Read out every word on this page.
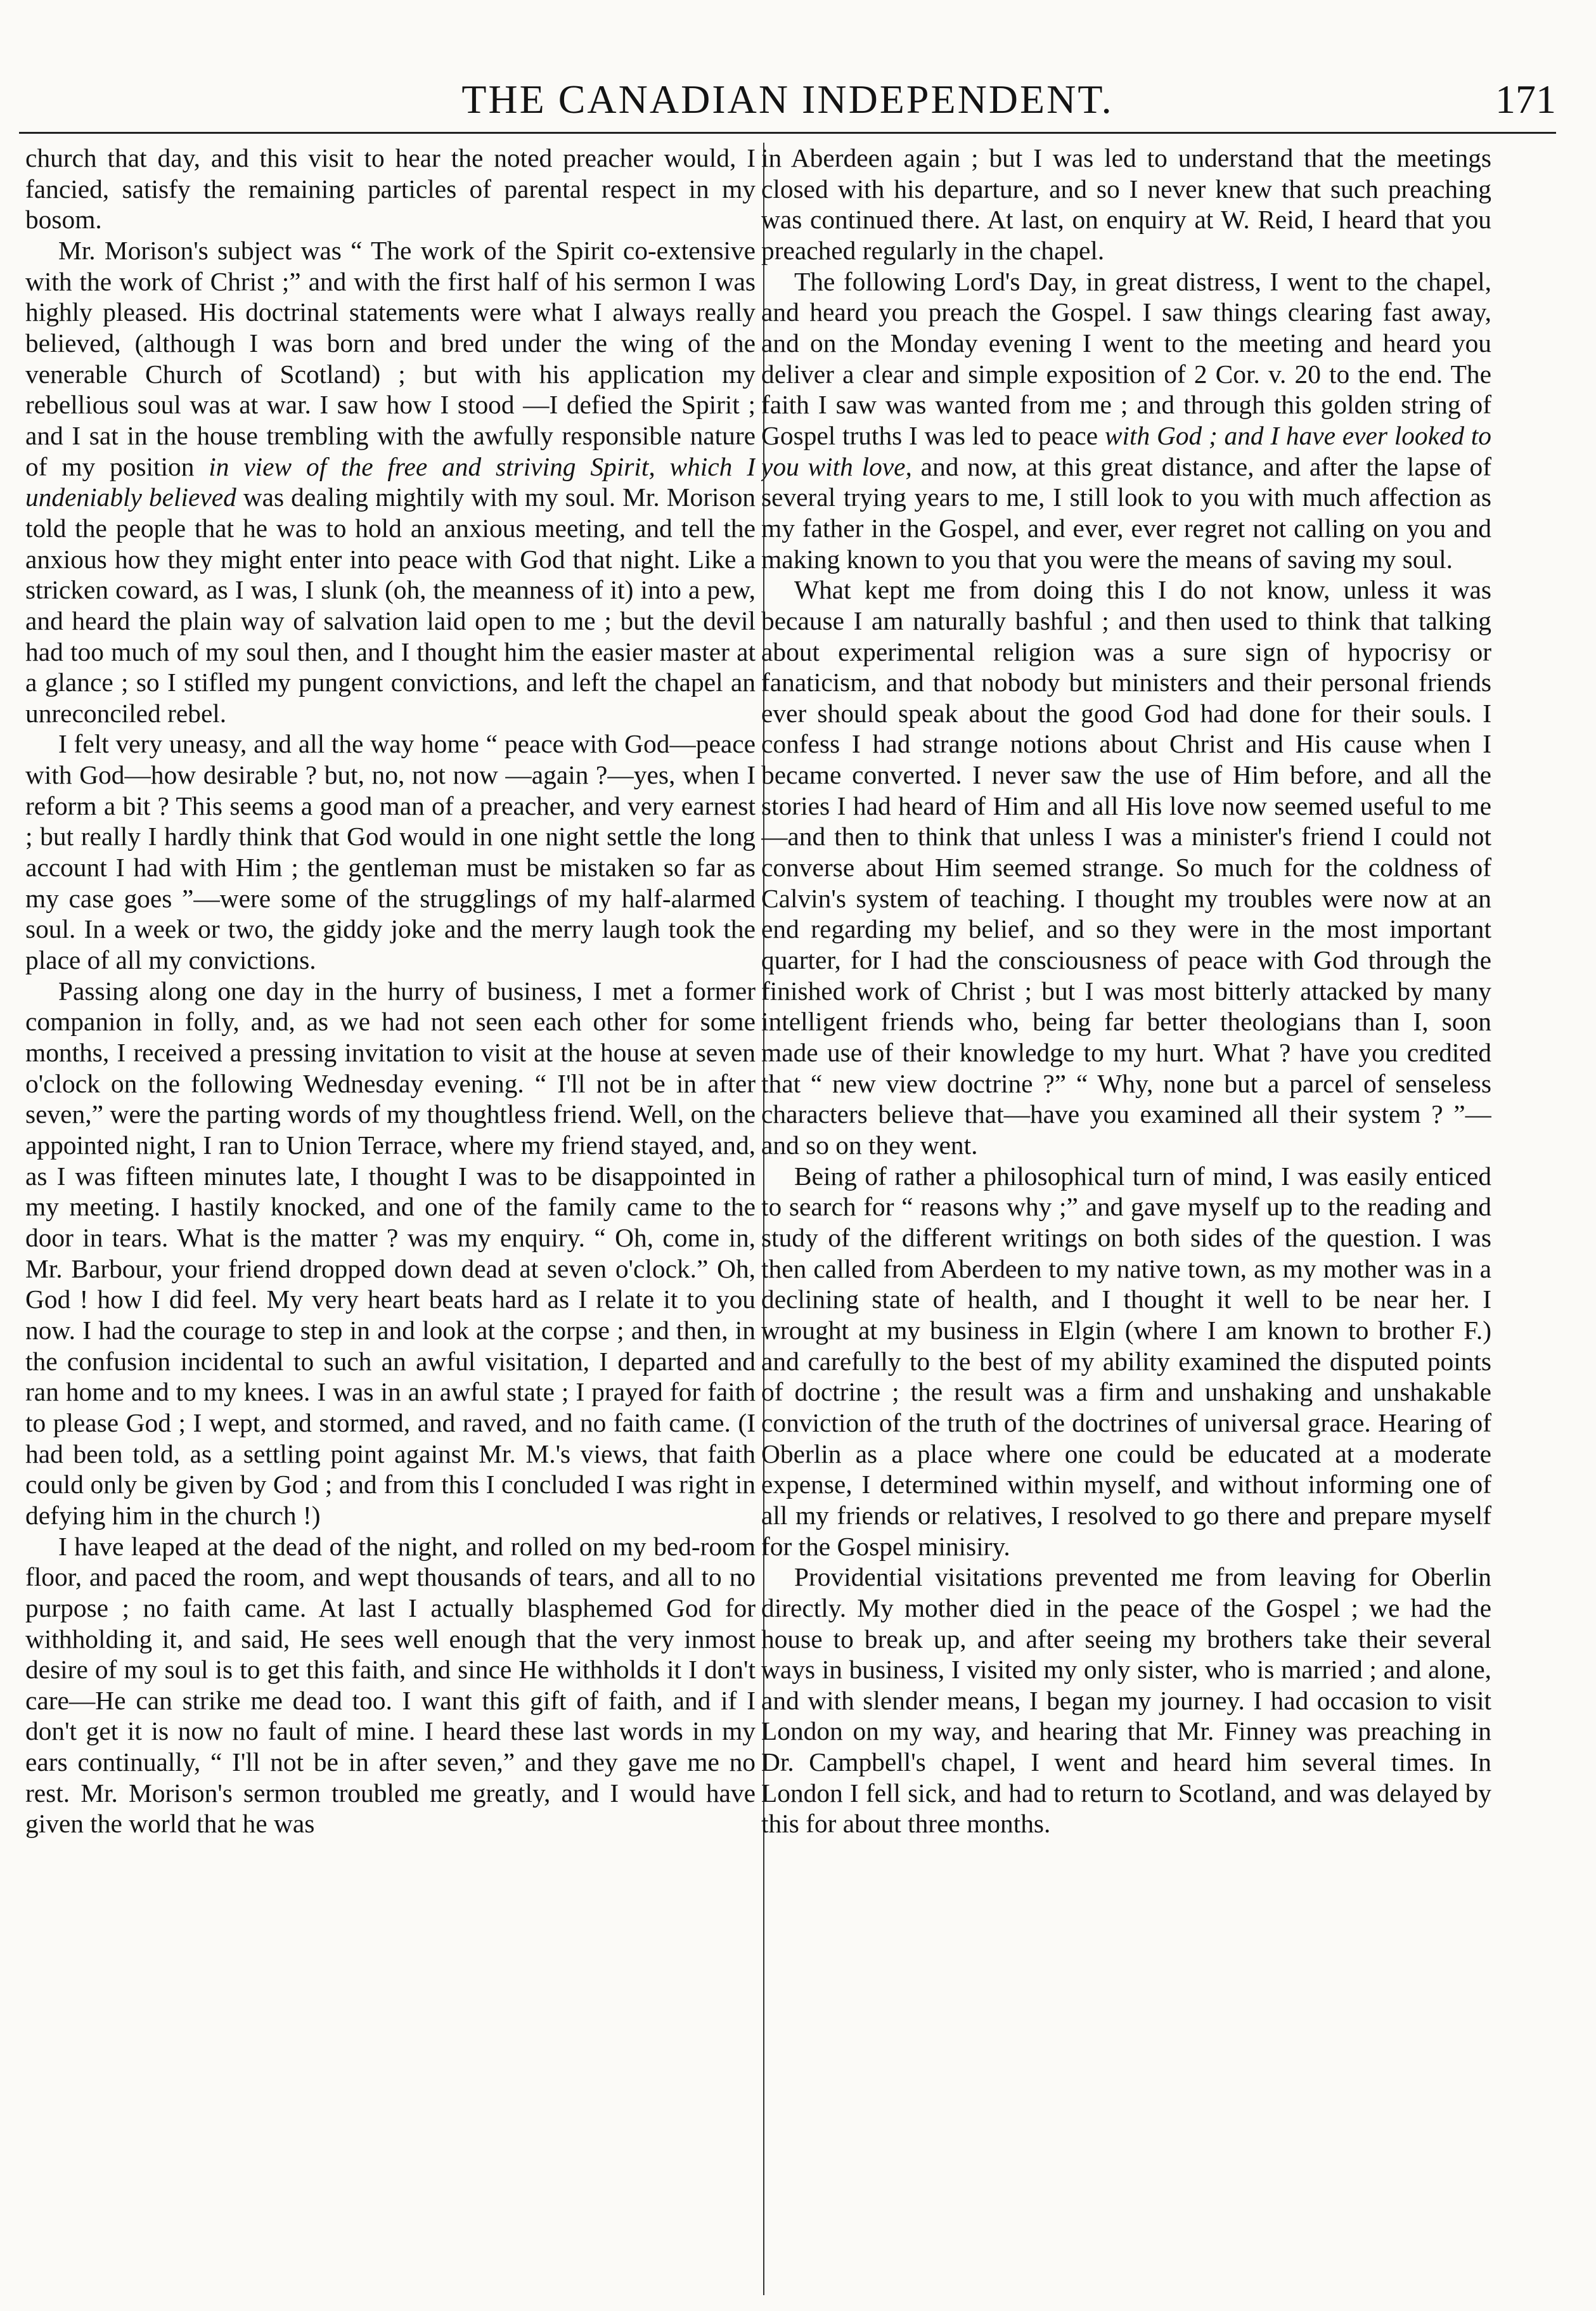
THE CANADIAN INDEPENDENT.	171

church that day, and this visit to hear the noted preacher would, I fancied, satisfy the remaining particles of parental respect in my bosom.

Mr. Morison's subject was “ The work of the Spirit co-extensive with the work of Christ ;” and with the first half of his sermon I was highly pleased. His doctrinal statements were what I always really believed, (although I was born and bred under the wing of the venerable Church of Scotland) ; but with his application my rebellious soul was at war. I saw how I stood —I defied the Spirit ; and I sat in the house trembling with the awfully responsible nature of my position in view of the free and striving Spirit, which I undeniably believed was dealing mightily with my soul. Mr. Morison told the people that he was to hold an anxious meeting, and tell the anxious how they might enter into peace with God that night. Like a stricken coward, as I was, I slunk (oh, the meanness of it) into a pew, and heard the plain way of salvation laid open to me ; but the devil had too much of my soul then, and I thought him the easier master at a glance ; so I stifled my pungent convictions, and left the chapel an unreconciled rebel.

I felt very uneasy, and all the way home “ peace with God—peace with God—how desirable ? but, no, not now —again ?—yes, when I reform a bit ? This seems a good man of a preacher, and very earnest ; but really I hardly think that God would in one night settle the long account I had with Him ; the gentleman must be mistaken so far as my case goes ”—were some of the strugglings of my half-alarmed soul. In a week or two, the giddy joke and the merry laugh took the place of all my convictions.

Passing along one day in the hurry of business, I met a former companion in folly, and, as we had not seen each other for some months, I received a pressing invitation to visit at the house at seven o'clock on the following Wednesday evening. “ I'll not be in after seven,” were the parting words of my thoughtless friend. Well, on the appointed night, I ran to Union Terrace, where my friend stayed, and, as I was fifteen minutes late, I thought I was to be disappointed in my meeting. I hastily knocked, and one of the family came to the door in tears. What is the matter ? was my enquiry. “ Oh, come in, Mr. Barbour, your friend dropped down dead at seven o'clock.” Oh, God ! how I did feel. My very heart beats hard as I relate it to you now. I had the courage to step in and look at the corpse ; and then, in the confusion incidental to such an awful visitation, I departed and ran home and to my knees. I was in an awful state ; I prayed for faith to please God ; I wept, and stormed, and raved, and no faith came. (I had been told, as a settling point against Mr. M.'s views, that faith could only be given by God ; and from this I concluded I was right in defying him in the church !)

I have leaped at the dead of the night, and rolled on my bed-room floor, and paced the room, and wept thousands of tears, and all to no purpose ; no faith came. At last I actually blasphemed God for withholding it, and said, He sees well enough that the very inmost desire of my soul is to get this faith, and since He withholds it I don't care—He can strike me dead too. I want this gift of faith, and if I don't get it is now no fault of mine. I heard these last words in my ears continually, “ I'll not be in after seven,” and they gave me no rest. Mr. Morison's sermon troubled me greatly, and I would have given the world that he was

in Aberdeen again ; but I was led to understand that the meetings closed with his departure, and so I never knew that such preaching was continued there. At last, on enquiry at W. Reid, I heard that you preached regularly in the chapel.

The following Lord's Day, in great distress, I went to the chapel, and heard you preach the Gospel. I saw things clearing fast away, and on the Monday evening I went to the meeting and heard you deliver a clear and simple exposition of 2 Cor. v. 20 to the end. The faith I saw was wanted from me ; and through this golden string of Gospel truths I was led to peace with God ; and I have ever looked to you with love, and now, at this great distance, and after the lapse of several trying years to me, I still look to you with much affection as my father in the Gospel, and ever, ever regret not calling on you and making known to you that you were the means of saving my soul.

What kept me from doing this I do not know, unless it was because I am naturally bashful ; and then used to think that talking about experimental religion was a sure sign of hypocrisy or fanaticism, and that nobody but ministers and their personal friends ever should speak about the good God had done for their souls. I confess I had strange notions about Christ and His cause when I became converted. I never saw the use of Him before, and all the stories I had heard of Him and all His love now seemed useful to me—and then to think that unless I was a minister's friend I could not converse about Him seemed strange. So much for the coldness of Calvin's system of teaching. I thought my troubles were now at an end regarding my belief, and so they were in the most important quarter, for I had the consciousness of peace with God through the finished work of Christ ; but I was most bitterly attacked by many intelligent friends who, being far better theologians than I, soon made use of their knowledge to my hurt. What ? have you credited that “ new view doctrine ?” “ Why, none but a parcel of senseless characters believe that—have you examined all their system ? ”—and so on they went.

Being of rather a philosophical turn of mind, I was easily enticed to search for “ reasons why ;” and gave myself up to the reading and study of the different writings on both sides of the question. I was then called from Aberdeen to my native town, as my mother was in a declining state of health, and I thought it well to be near her. I wrought at my business in Elgin (where I am known to brother F.) and carefully to the best of my ability examined the disputed points of doctrine ; the result was a firm and unshaking and unshakable conviction of the truth of the doctrines of universal grace. Hearing of Oberlin as a place where one could be educated at a moderate expense, I determined within myself, and without informing one of all my friends or relatives, I resolved to go there and prepare myself for the Gospel minisiry.

Providential visitations prevented me from leaving for Oberlin directly. My mother died in the peace of the Gospel ; we had the house to break up, and after seeing my brothers take their several ways in business, I visited my only sister, who is married ; and alone, and with slender means, I began my journey. I had occasion to visit London on my way, and hearing that Mr. Finney was preaching in Dr. Campbell's chapel, I went and heard him several times. In London I fell sick, and had to return to Scotland, and was delayed by this for about three months.
